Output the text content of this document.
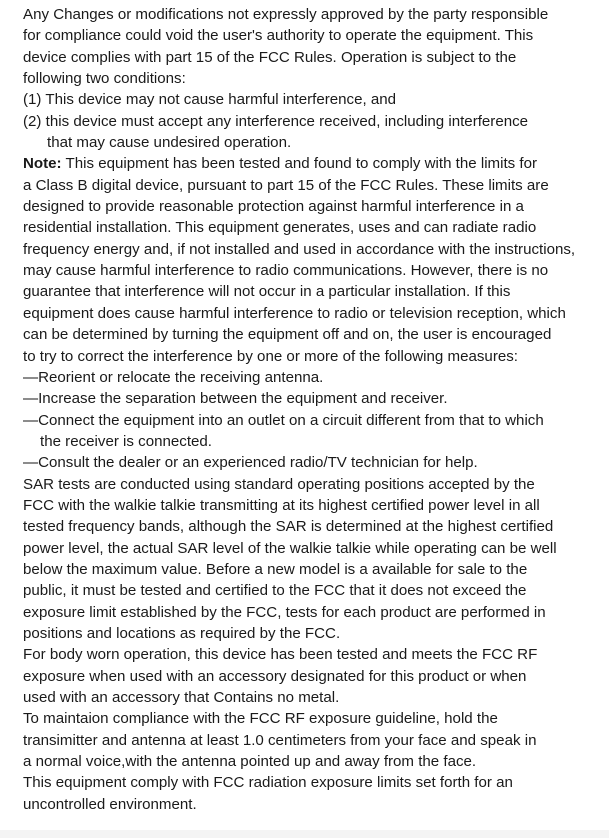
Any Changes or modifications not expressly approved by the party responsible

for compliance could void the user's authority to operate the equipment. This

device complies with part 15 of the FCC Rules. Operation is subject to the

following two conditions:

(1) This device may not cause harmful interference, and

(2) this device must accept any interference received, including interference

that may cause undesired operation.

Note: This equipment has been tested and found to comply with the limits for

a Class B digital device, pursuant to part 15 of the FCC Rules. These limits are

designed to provide reasonable protection against harmful interference in a

residential installation. This equipment generates, uses and can radiate radio

frequency energy and, if not installed and used in accordance with the instructions,

may cause harmful interference to radio communications. However, there is no

guarantee that interference will not occur in a particular installation. If this

equipment does cause harmful interference to radio or television reception, which

can be determined by turning the equipment off and on, the user is encouraged

to try to correct the interference by one or more of the following measures:

—Reorient or relocate the receiving antenna.

—Increase the separation between the equipment and receiver.

—Connect the equipment into an outlet on a circuit different from that to which

the receiver is connected.

—Consult the dealer or an experienced radio/TV technician for help.

SAR tests are conducted using standard operating positions accepted by the

FCC with the walkie talkie transmitting at its highest certified power level in all

tested frequency bands, although the SAR is determined at the highest certified

power level, the actual SAR level of the walkie talkie while operating can be well

below the maximum value. Before a new model is a available for sale to the

public, it must be tested and certified to the FCC that it does not exceed the

exposure limit established by the FCC, tests for each product are performed in

positions and locations as required by the FCC.

For body worn operation, this device has been tested and meets the FCC RF

exposure when used with an accessory designated for this product or when

used with an accessory that Contains no metal.

To maintaion compliance with the FCC RF exposure guideline, hold the

transimitter and antenna at least 1.0 centimeters from your face and speak in

a normal voice,with the antenna pointed up and away from the face.

This equipment comply with FCC radiation exposure limits set forth for an

uncontrolled environment.
